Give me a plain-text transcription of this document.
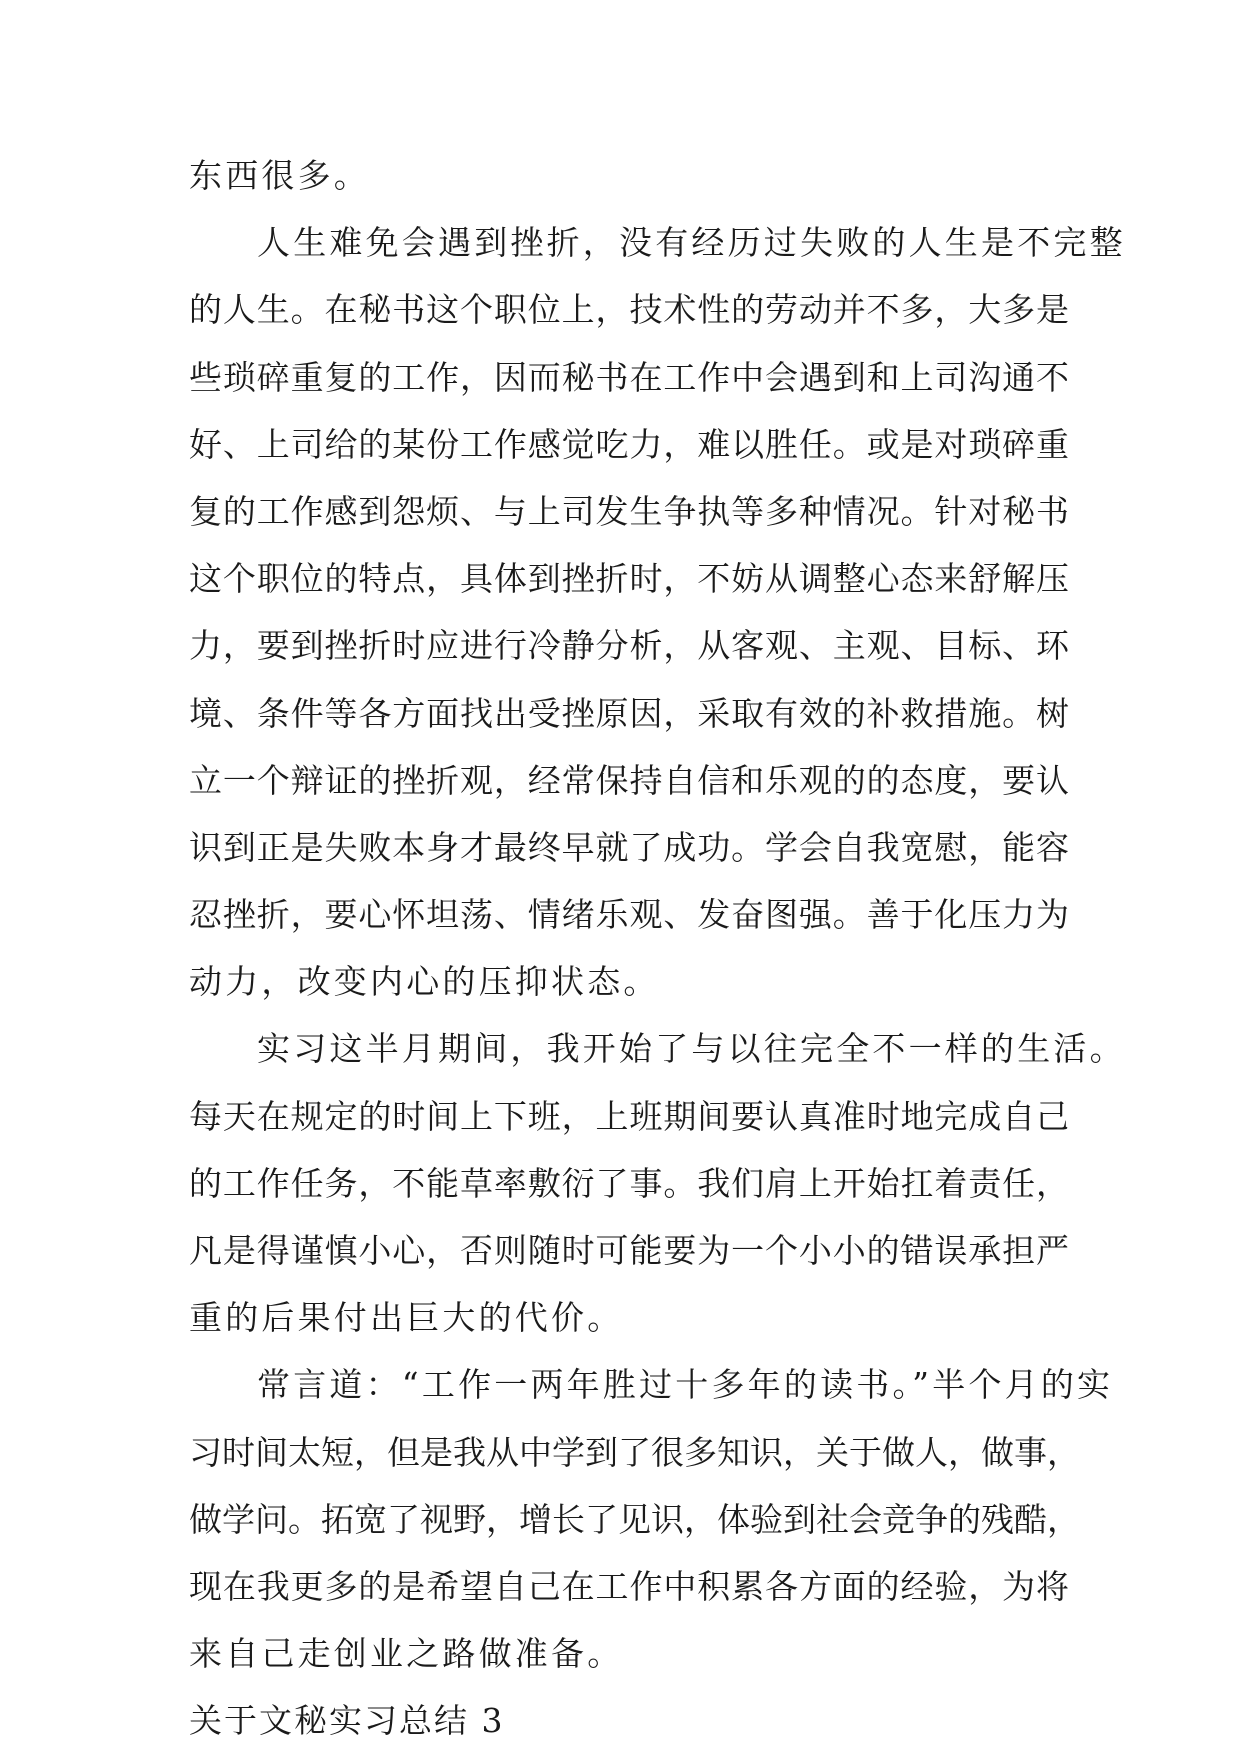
东西很多。
人生难免会遇到挫折，没有经历过失败的人生是不完整
的人生。在秘书这个职位上，技术性的劳动并不多，大多是
些琐碎重复的工作，因而秘书在工作中会遇到和上司沟通不
好、上司给的某份工作感觉吃力，难以胜任。或是对琐碎重
复的工作感到怨烦、与上司发生争执等多种情况。针对秘书
这个职位的特点，具体到挫折时，不妨从调整心态来舒解压
力，要到挫折时应进行冷静分析，从客观、主观、目标、环
境、条件等各方面找出受挫原因，采取有效的补救措施。树
立一个辩证的挫折观，经常保持自信和乐观的的态度，要认
识到正是失败本身才最终早就了成功。学会自我宽慰，能容
忍挫折，要心怀坦荡、情绪乐观、发奋图强。善于化压力为
动力，改变内心的压抑状态。
实习这半月期间，我开始了与以往完全不一样的生活。
每天在规定的时间上下班，上班期间要认真准时地完成自己
的工作任务，不能草率敷衍了事。我们肩上开始扛着责任，
凡是得谨慎小心，否则随时可能要为一个小小的错误承担严
重的后果付出巨大的代价。
常言道：“工作一两年胜过十多年的读书。”半个月的实
习时间太短，但是我从中学到了很多知识，关于做人，做事，
做学问。拓宽了视野，增长了见识，体验到社会竞争的残酷，
现在我更多的是希望自己在工作中积累各方面的经验，为将
来自己走创业之路做准备。
关于文秘实习总结 3
